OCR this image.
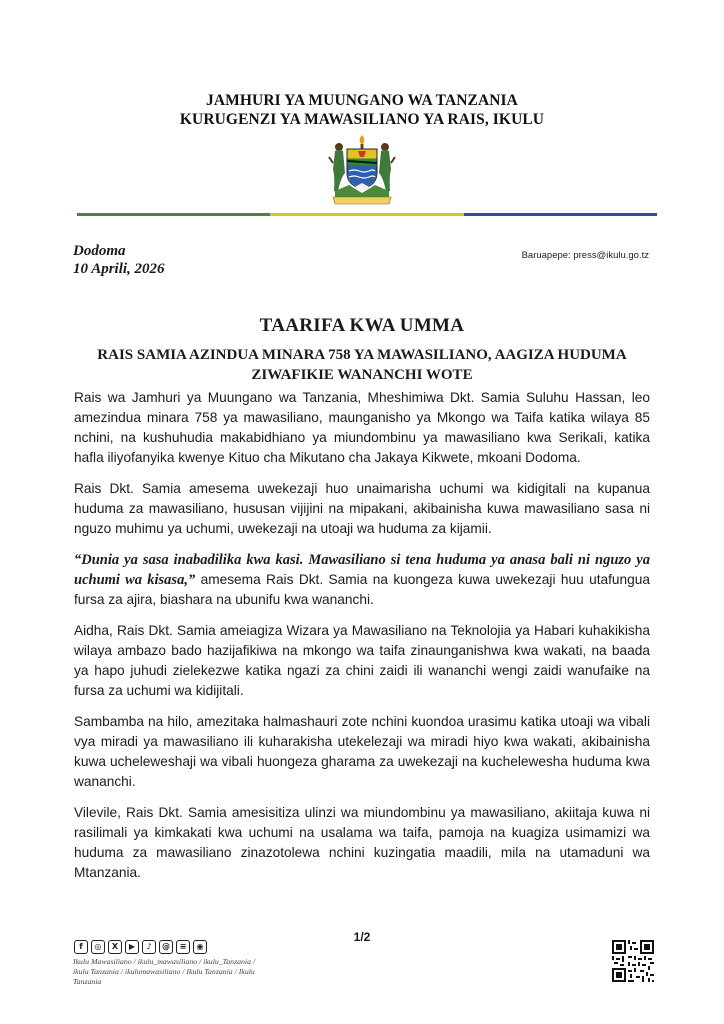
JAMHURI YA MUUNGANO WA TANZANIA
KURUGENZI YA MAWASILIANO YA RAIS, IKULU
Dodoma
10 Aprili, 2026
Baruapepe: press@ikulu.go.tz
TAARIFA KWA UMMA
RAIS SAMIA AZINDUA MINARA 758 YA MAWASILIANO, AAGIZA HUDUMA ZIWAFIKIE WANANCHI WOTE

Rais wa Jamhuri ya Muungano wa Tanzania, Mheshimiwa Dkt. Samia Suluhu Hassan, leo amezindua minara 758 ya mawasiliano, maunganisho ya Mkongo wa Taifa katika wilaya 85 nchini, na kushuhudia makabidhiano ya miundombinu ya mawasiliano kwa Serikali, katika hafla iliyofanyika kwenye Kituo cha Mikutano cha Jakaya Kikwete, mkoani Dodoma.

Rais Dkt. Samia amesema uwekezaji huo unaimarisha uchumi wa kidigitali na kupanua huduma za mawasiliano, hususan vijijini na mipakani, akibainisha kuwa mawasiliano sasa ni nguzo muhimu ya uchumi, uwekezaji na utoaji wa huduma za kijamii.

“Dunia ya sasa inabadilika kwa kasi. Mawasiliano si tena huduma ya anasa bali ni nguzo ya uchumi wa kisasa,” amesema Rais Dkt. Samia na kuongeza kuwa uwekezaji huu utafungua fursa za ajira, biashara na ubunifu kwa wananchi.

Aidha, Rais Dkt. Samia ameiagiza Wizara ya Mawasiliano na Teknolojia ya Habari kuhakikisha wilaya ambazo bado hazijafikiwa na mkongo wa taifa zinaunganishwa kwa wakati, na baada ya hapo juhudi zielekezwe katika ngazi za chini zaidi ili wananchi wengi zaidi wanufaike na fursa za uchumi wa kidijitali.

Sambamba na hilo, amezitaka halmashauri zote nchini kuondoa urasimu katika utoaji wa vibali vya miradi ya mawasiliano ili kuharakisha utekelezaji wa miradi hiyo kwa wakati, akibainisha kuwa ucheleweshaji wa vibali huongeza gharama za uwekezaji na kuchelewesha huduma kwa wananchi.

Vilevile, Rais Dkt. Samia amesisitiza ulinzi wa miundombinu ya mawasiliano, akiitaja kuwa ni rasilimali ya kimkakati kwa uchumi na usalama wa taifa, pamoja na kuagiza usimamizi wa huduma za mawasiliano zinazotolewa nchini kuzingatia maadili, mila na utamaduni wa Mtanzania.

1/2
f	◎	X	▶	♪	@	≡	◉
Ikulu Mawasiliano / ikulu_mawasiliano / ikulu_Tanzania / ikulu Tanzania / ikulumawasiliano / Ikulu Tanzania / Ikulu Tanzania
